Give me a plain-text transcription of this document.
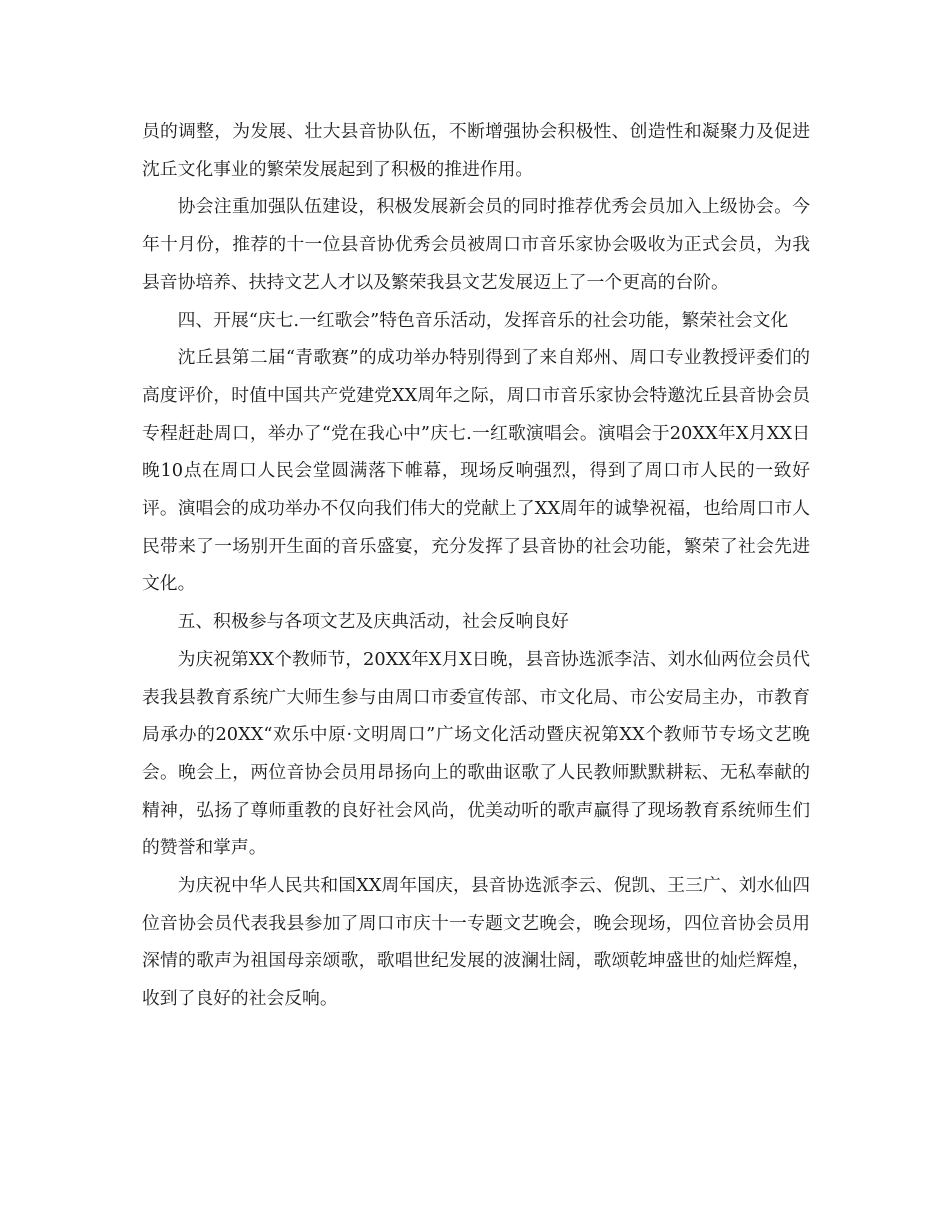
员的调整，为发展、壮大县音协队伍，不断增强协会积极性、创造性和凝聚力及促进沈丘文化事业的繁荣发展起到了积极的推进作用。

协会注重加强队伍建设，积极发展新会员的同时推荐优秀会员加入上级协会。今年十月份，推荐的十一位县音协优秀会员被周口市音乐家协会吸收为正式会员，为我县音协培养、扶持文艺人才以及繁荣我县文艺发展迈上了一个更高的台阶。

四、开展“庆七.一红歌会”特色音乐活动，发挥音乐的社会功能，繁荣社会文化

沈丘县第二届“青歌赛”的成功举办特别得到了来自郑州、周口专业教授评委们的高度评价，时值中国共产党建党XX周年之际，周口市音乐家协会特邀沈丘县音协会员专程赶赴周口，举办了“党在我心中”庆七.一红歌演唱会。演唱会于20XX年X月XX日晚10点在周口人民会堂圆满落下帷幕，现场反响强烈，得到了周口市人民的一致好评。演唱会的成功举办不仅向我们伟大的党献上了XX周年的诚挚祝福，也给周口市人民带来了一场别开生面的音乐盛宴，充分发挥了县音协的社会功能，繁荣了社会先进文化。

五、积极参与各项文艺及庆典活动，社会反响良好

为庆祝第XX个教师节，20XX年X月X日晚，县音协选派李洁、刘水仙两位会员代表我县教育系统广大师生参与由周口市委宣传部、市文化局、市公安局主办，市教育局承办的20XX“欢乐中原·文明周口”广场文化活动暨庆祝第XX个教师节专场文艺晚会。晚会上，两位音协会员用昂扬向上的歌曲讴歌了人民教师默默耕耘、无私奉献的精神，弘扬了尊师重教的良好社会风尚，优美动听的歌声赢得了现场教育系统师生们的赞誉和掌声。

为庆祝中华人民共和国XX周年国庆，县音协选派李云、倪凯、王三广、刘水仙四位音协会员代表我县参加了周口市庆十一专题文艺晚会，晚会现场，四位音协会员用深情的歌声为祖国母亲颂歌，歌唱世纪发展的波澜壮阔，歌颂乾坤盛世的灿烂辉煌，收到了良好的社会反响。
